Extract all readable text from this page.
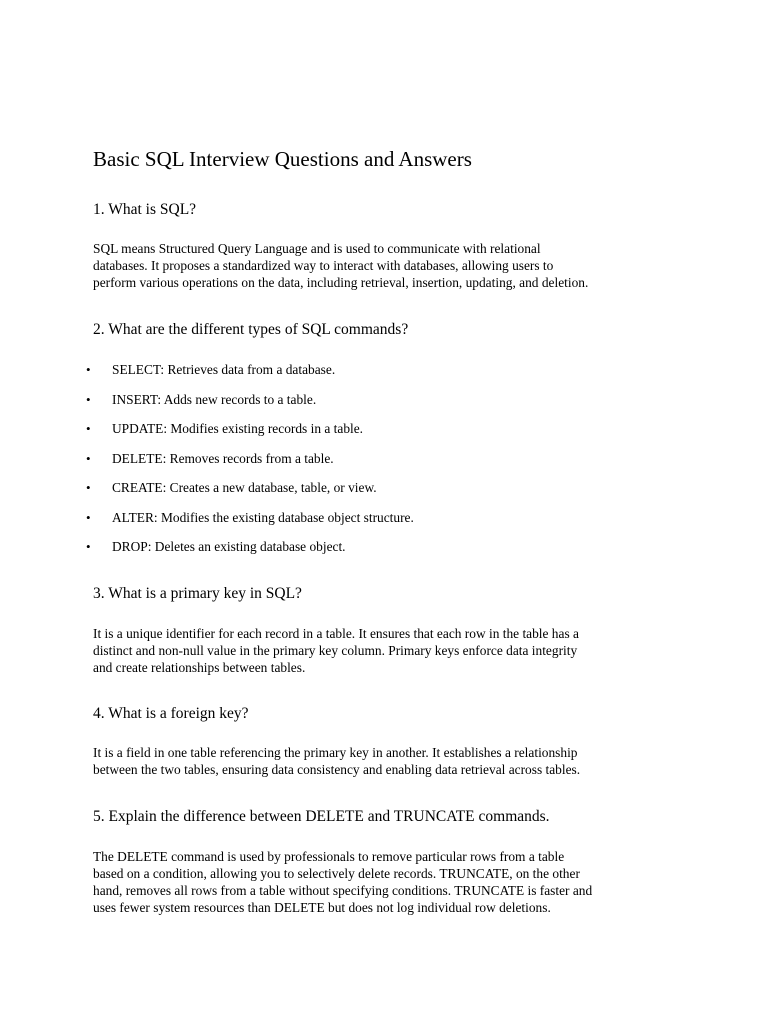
Basic SQL Interview Questions and Answers
1. What is SQL?

SQL means Structured Query Language and is used to communicate with relational
databases. It proposes a standardized way to interact with databases, allowing users to
perform various operations on the data, including retrieval, insertion, updating, and deletion.

2. What are the different types of SQL commands?
• SELECT: Retrieves data from a database.
• INSERT: Adds new records to a table.
• UPDATE: Modifies existing records in a table.
• DELETE: Removes records from a table.
• CREATE: Creates a new database, table, or view.
• ALTER: Modifies the existing database object structure.
• DROP: Deletes an existing database object.
3. What is a primary key in SQL?

It is a unique identifier for each record in a table. It ensures that each row in the table has a
distinct and non-null value in the primary key column. Primary keys enforce data integrity
and create relationships between tables.

4. What is a foreign key?

It is a field in one table referencing the primary key in another. It establishes a relationship
between the two tables, ensuring data consistency and enabling data retrieval across tables.

5. Explain the difference between DELETE and TRUNCATE commands.

The DELETE command is used by professionals to remove particular rows from a table
based on a condition, allowing you to selectively delete records. TRUNCATE, on the other
hand, removes all rows from a table without specifying conditions. TRUNCATE is faster and
uses fewer system resources than DELETE but does not log individual row deletions.
